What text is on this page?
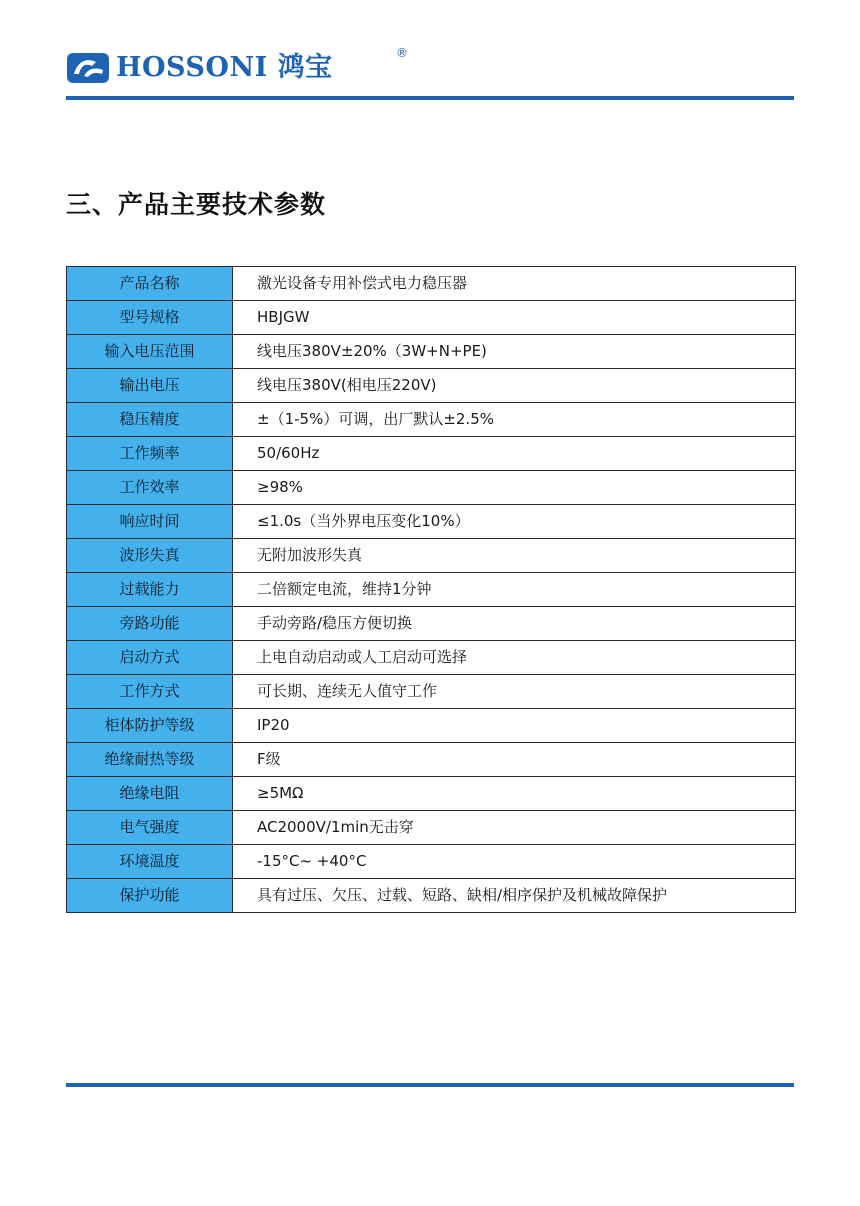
HOSSONI 鸿宝	®
三、产品主要技术参数
产品名称	激光设备专用补偿式电力稳压器
型号规格	HBJGW
输入电压范围	线电压380V±20%（3W+N+PE)
输出电压	线电压380V(相电压220V)
稳压精度	±（1-5%）可调，出厂默认±2.5%
工作频率	50/60Hz
工作效率	≥98%
响应时间	≤1.0s（当外界电压变化10%）
波形失真	无附加波形失真
过载能力	二倍额定电流，维持1分钟
旁路功能	手动旁路/稳压方便切换
启动方式	上电自动启动或人工启动可选择
工作方式	可长期、连续无人值守工作
柜体防护等级	IP20
绝缘耐热等级	F级
绝缘电阻	≥5MΩ
电气强度	AC2000V/1min无击穿
环境温度	-15°C~ +40°C
保护功能	具有过压、欠压、过载、短路、缺相/相序保护及机械故障保护
